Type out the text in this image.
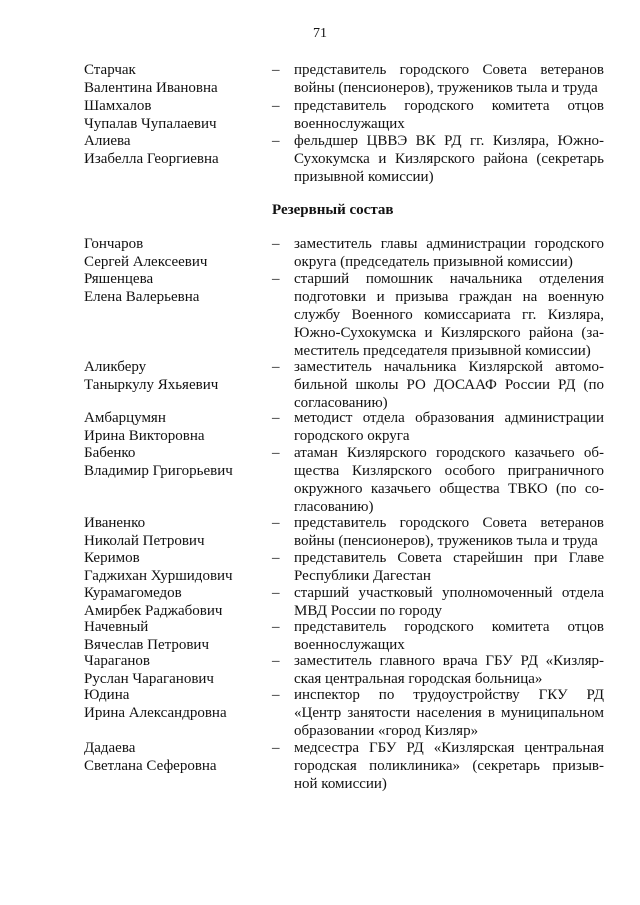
71
Старчак
Валентина Ивановна
– представитель городского Совета ветеранов
войны (пенсионеров), тружеников тыла и труда
Шамхалов
Чупалав Чупалаевич
– представитель городского комитета отцов
военнослужащих
Алиева
Изабелла Георгиевна
– фельдшер ЦВВЭ ВК РД гг. Кизляра, Южно-
Сухокумска и Кизлярского района (секретарь
призывной комиссии)
Резервный состав
Гончаров
Сергей Алексеевич
– заместитель главы администрации городского
округа (председатель призывной комиссии)
Ряшенцева
Елена Валерьевна
– старший помошник начальника отделения
подготовки и призыва граждан на военную
службу Военного комиссариата гг. Кизляра,
Южно-Сухокумска и Кизлярского района (за-
меститель председателя призывной комиссии)
Аликберу
Таныркулу Яхьяевич
– заместитель начальника Кизлярской автомо-
бильной школы РО ДОСААФ России РД (по
согласованию)
Амбарцумян
Ирина Викторовна
– методист отдела образования администрации
городского округа
Бабенко
Владимир Григорьевич
– атаман Кизлярского городского казачьего об-
щества Кизлярского особого приграничного
окружного казачьего общества ТВКО (по со-
гласованию)
Иваненко
Николай Петрович
– представитель городского Совета ветеранов
войны (пенсионеров), тружеников тыла и труда
Керимов
Гаджихан Хуршидович
– представитель Совета старейшин при Главе
Республики Дагестан
Курамагомедов
Амирбек Раджабович
– старший участковый уполномоченный отдела
МВД России по городу
Начевный
Вячеслав Петрович
– представитель городского комитета отцов
военнослужащих
Чараганов
Руслан Чараганович
– заместитель главного врача ГБУ РД «Кизляр-
ская центральная городская больница»
Юдина
Ирина Александровна
– инспектор по трудоустройству ГКУ РД
«Центр занятости населения в муниципальном
образовании «город Кизляр»
Дадаева
Светлана Сеферовна
– медсестра ГБУ РД «Кизлярская центральная
городская поликлиника» (секретарь призыв-
ной комиссии)
